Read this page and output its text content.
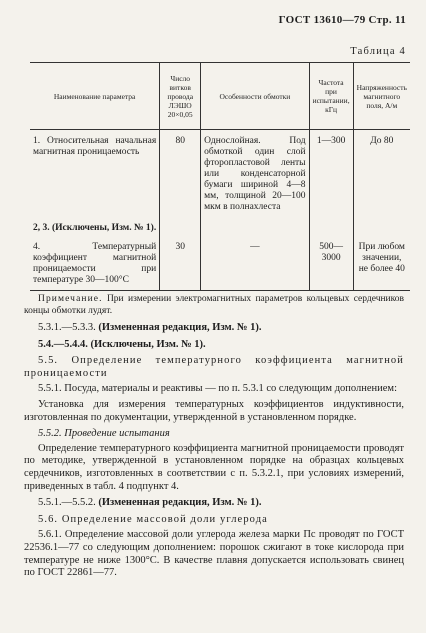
ГОСТ 13610—79 Стр. 11
Таблица 4
Наименование параметра	Число витков провода ЛЭШО 20×0,05	Особенности обмотки	Частота при испытании, кГц	Напряженность магнитного поля, А/м
1. Относительная начальная магнитная проницаемость	80	Однослойная. Под обмоткой один слой фторопластовой ленты или конденсаторной бумаги шириной 4—8 мм, толщиной 20—100 мкм в полнахлеста	1—300	До 80
2, 3. (Исключены, Изм. № 1).				
4. Температурный коэффициент магнитной проницаемости при температуре 30—100°С	30	—	500—3000	При любом значении, не более 40

Примечание. При измерении электромагнитных параметров кольцевых сердечников концы обмотки лудят.

5.3.1.—5.3.3. (Измененная редакция, Изм. № 1).

5.4.—5.4.4. (Исключены, Изм. № 1).

5.5. Определение температурного коэффициента магнитной проницаемости

5.5.1. Посуда, материалы и реактивы — по п. 5.3.1 со следующим дополнением:

Установка для измерения температурных коэффициентов индуктивности, изготовленная по документации, утвержденной в установленном порядке.

5.5.2. Проведение испытания

Определение температурного коэффициента магнитной проницаемости проводят по методике, утвержденной в установленном порядке на образцах кольцевых сердечников, изготовленных в соответствии с п. 5.3.2.1, при условиях измерений, приведенных в табл. 4 подпункт 4.

5.5.1.—5.5.2. (Измененная редакция, Изм. № 1).

5.6. Определение массовой доли углерода

5.6.1. Определение массовой доли углерода железа марки Пс проводят по ГОСТ 22536.1—77 со следующим дополнением: порошок сжигают в токе кислорода при температуре не ниже 1300°С. В качестве плавня допускается использовать свинец по ГОСТ 22861—77.
